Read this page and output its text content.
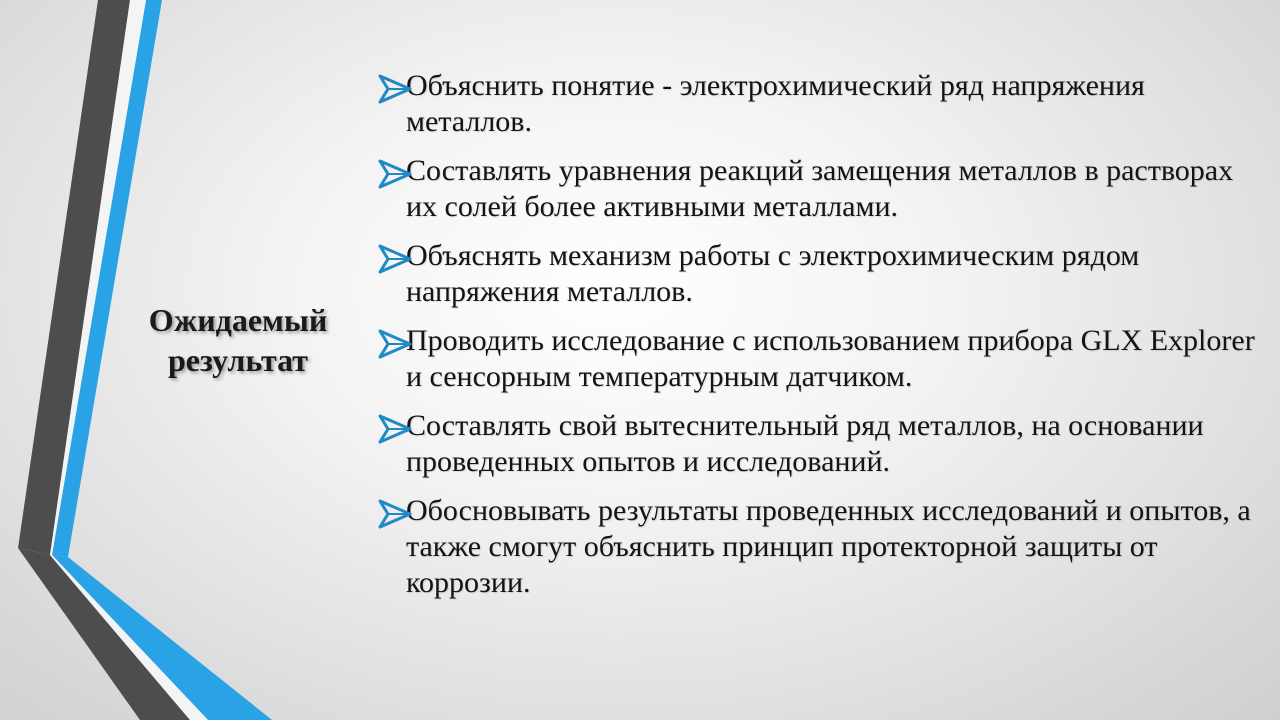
Ожидаемый
результат
Объяснить понятие - электрохимический ряд напряжения металлов.
Составлять уравнения реакций замещения металлов в растворах их солей более активными металлами.
Объяснять механизм работы с электрохимическим рядом напряжения металлов.
Проводить исследование с использованием прибора GLX Explorer и сенсорным температурным датчиком.
Составлять свой вытеснительный ряд металлов, на основании проведенных опытов и исследований.
Обосновывать результаты проведенных исследований и опытов, а также смогут объяснить принцип протекторной защиты от коррозии.
